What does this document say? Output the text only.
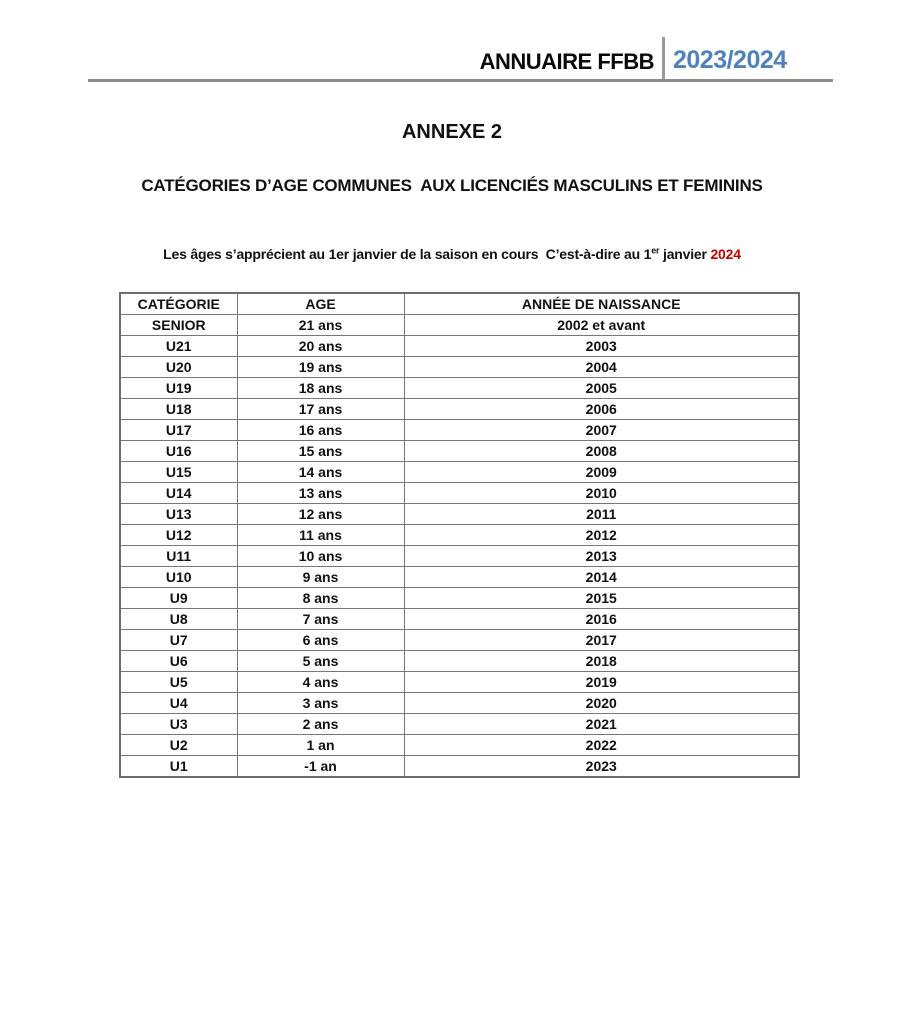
ANNUAIRE FFBB 2023/2024
ANNEXE 2
CATÉGORIES D’AGE COMMUNES  AUX LICENCIÉS MASCULINS ET FEMININS
Les âges s’apprécient au 1er janvier de la saison en cours  C’est-à-dire au 1er janvier 2024
CATÉGORIE	AGE	ANNÉE DE NAISSANCE
SENIOR	21 ans	2002 et avant
U21	20 ans	2003
U20	19 ans	2004
U19	18 ans	2005
U18	17 ans	2006
U17	16 ans	2007
U16	15 ans	2008
U15	14 ans	2009
U14	13 ans	2010
U13	12 ans	2011
U12	11 ans	2012
U11	10 ans	2013
U10	9 ans	2014
U9	8 ans	2015
U8	7 ans	2016
U7	6 ans	2017
U6	5 ans	2018
U5	4 ans	2019
U4	3 ans	2020
U3	2 ans	2021
U2	1 an	2022
U1	-1 an	2023
